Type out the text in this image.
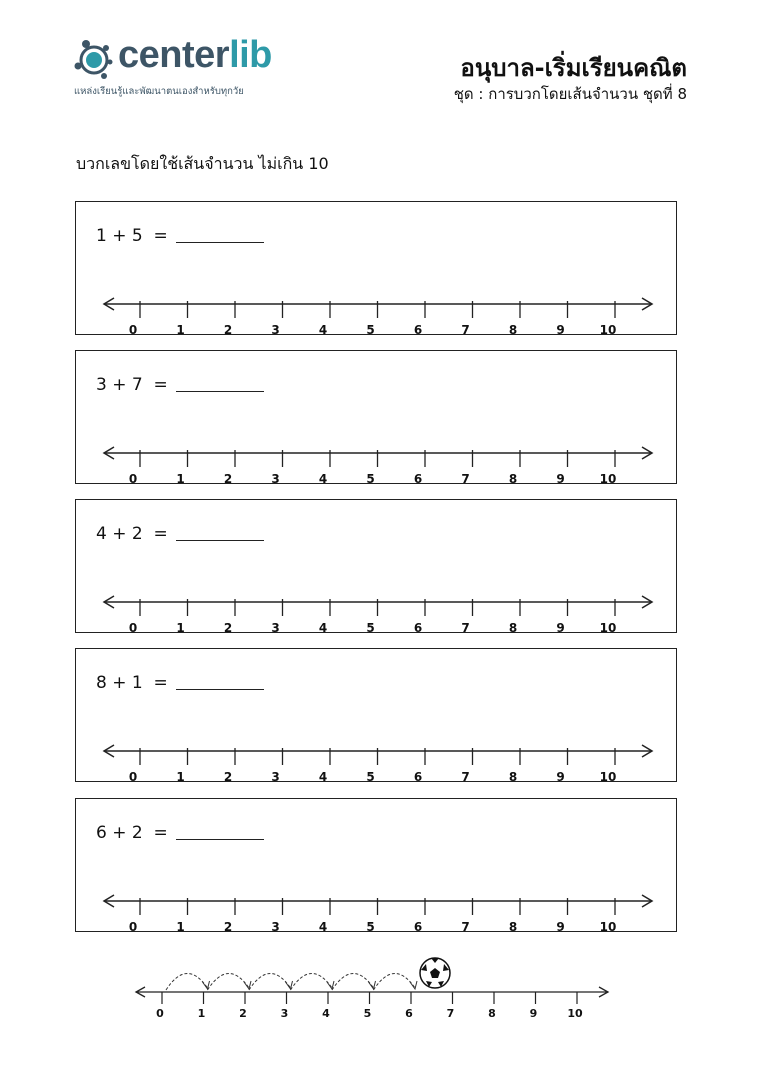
centerlib
แหล่งเรียนรู้และพัฒนาตนเองสำหรับทุกวัย
อนุบาล-เริ่มเรียนคณิต
ชุด : การบวกโดยเส้นจำนวน ชุดที่ 8
บวกเลขโดยใช้เส้นจำนวน ไม่เกิน 10
1 + 5 =
0	1	2	3	4	5	6	7	8	9	10
3 + 7 =
0	1	2	3	4	5	6	7	8	9	10
4 + 2 =
0	1	2	3	4	5	6	7	8	9	10
8 + 1 =
0	1	2	3	4	5	6	7	8	9	10
6 + 2 =
0	1	2	3	4	5	6	7	8	9	10
0	1	2	3	4	5	6	7	8	9	10
